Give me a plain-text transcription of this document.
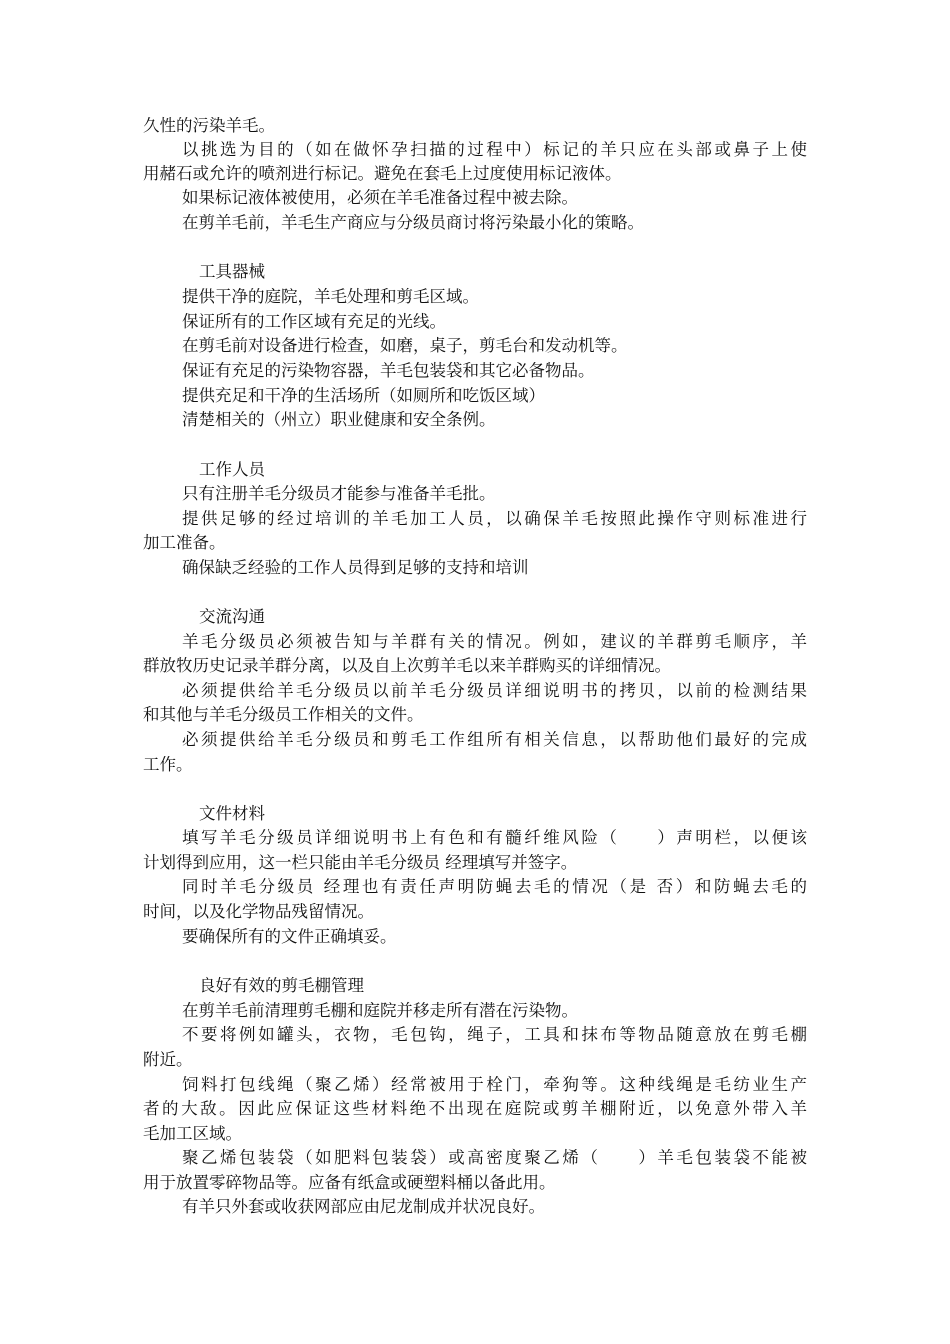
久性的污染羊毛。
以挑选为目的（如在做怀孕扫描的过程中）标记的羊只应在头部或鼻子上使
用赭石或允许的喷剂进行标记。避免在套毛上过度使用标记液体。
如果标记液体被使用，必须在羊毛准备过程中被去除。
在剪羊毛前，羊毛生产商应与分级员商讨将污染最小化的策略。
工具器械
提供干净的庭院，羊毛处理和剪毛区域。
保证所有的工作区域有充足的光线。
在剪毛前对设备进行检查，如磨，桌子，剪毛台和发动机等。
保证有充足的污染物容器，羊毛包装袋和其它必备物品。
提供充足和干净的生活场所（如厕所和吃饭区域）
清楚相关的（州立）职业健康和安全条例。
工作人员
只有注册羊毛分级员才能参与准备羊毛批。
提供足够的经过培训的羊毛加工人员，以确保羊毛按照此操作守则标准进行
加工准备。
确保缺乏经验的工作人员得到足够的支持和培训
交流沟通
羊毛分级员必须被告知与羊群有关的情况。例如，建议的羊群剪毛顺序，羊
群放牧历史记录羊群分离，以及自上次剪羊毛以来羊群购买的详细情况。
必须提供给羊毛分级员以前羊毛分级员详细说明书的拷贝，以前的检测结果
和其他与羊毛分级员工作相关的文件。
必须提供给羊毛分级员和剪毛工作组所有相关信息，以帮助他们最好的完成
工作。
文件材料
填写羊毛分级员详细说明书上有色和有髓纤维风险（　　）声明栏，以便该
计划得到应用，这一栏只能由羊毛分级员 经理填写并签字。
同时羊毛分级员 经理也有责任声明防蝇去毛的情况（是 否）和防蝇去毛的
时间，以及化学物品残留情况。
要确保所有的文件正确填妥。
良好有效的剪毛棚管理
在剪羊毛前清理剪毛棚和庭院并移走所有潜在污染物。
不要将例如罐头，衣物，毛包钩，绳子，工具和抹布等物品随意放在剪毛棚
附近。
饲料打包线绳（聚乙烯）经常被用于栓门，牵狗等。这种线绳是毛纺业生产
者的大敌。因此应保证这些材料绝不出现在庭院或剪羊棚附近，以免意外带入羊
毛加工区域。
聚乙烯包装袋（如肥料包装袋）或高密度聚乙烯（　　）羊毛包装袋不能被
用于放置零碎物品等。应备有纸盒或硬塑料桶以备此用。
有羊只外套或收获网部应由尼龙制成并状况良好。
